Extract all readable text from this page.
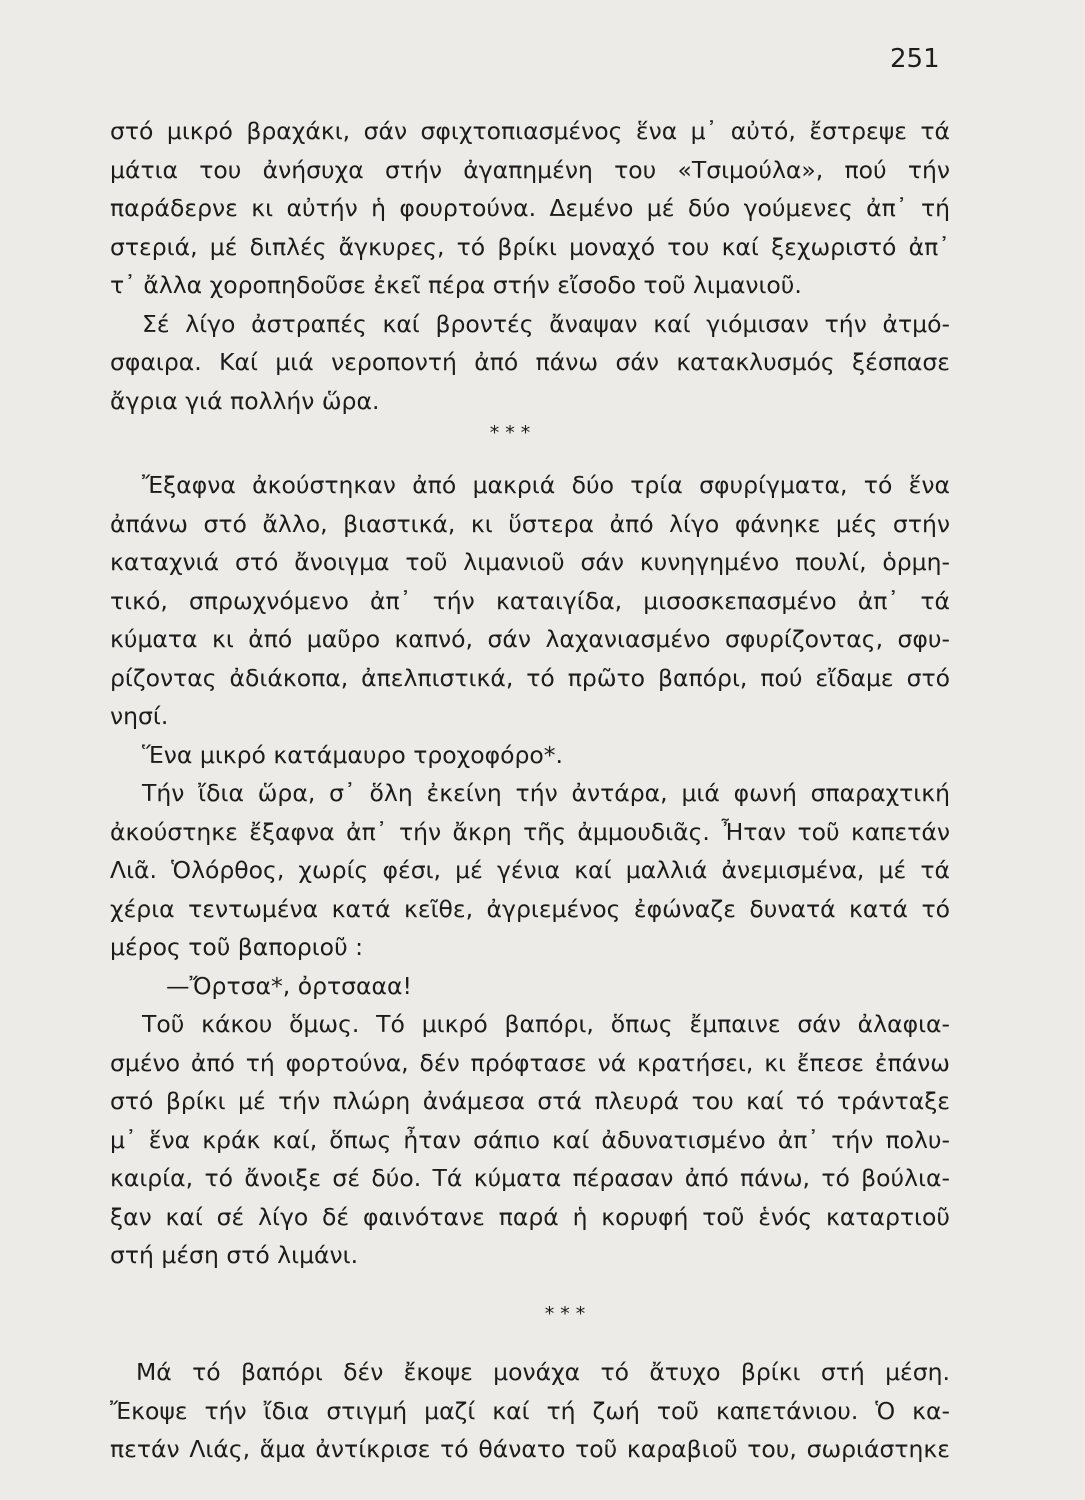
251
στό μικρό βραχάκι, σάν σφιχτοπιασμένος ἕνα μ᾿ αὐτό, ἔστρεψε τά
μάτια του ἀνήσυχα στήν ἀγαπημένη του «Τσιμούλα», πού τήν
παράδερνε κι αὐτήν ἡ φουρτούνα. Δεμένο μέ δύο γούμενες ἀπ᾿ τή
στεριά, μέ διπλές ἄγκυρες, τό βρίκι μοναχό του καί ξεχωριστό ἀπ᾿
τ᾿ ἄλλα χοροπηδοῦσε ἐκεῖ πέρα στήν εἴσοδο τοῦ λιμανιοῦ.
Σέ λίγο ἀστραπές καί βροντές ἄναψαν καί γιόμισαν τήν ἀτμό-
σφαιρα. Καί μιά νεροποντή ἀπό πάνω σάν κατακλυσμός ξέσπασε
ἄγρια γιά πολλήν ὥρα.
* * *
Ἔξαφνα ἀκούστηκαν ἀπό μακριά δύο τρία σφυρίγματα, τό ἕνα
ἀπάνω στό ἄλλο, βιαστικά, κι ὕστερα ἀπό λίγο φάνηκε μές στήν
καταχνιά στό ἄνοιγμα τοῦ λιμανιοῦ σάν κυνηγημένο πουλί, ὁρμη-
τικό, σπρωχνόμενο ἀπ᾿ τήν καταιγίδα, μισοσκεπασμένο ἀπ᾿ τά
κύματα κι ἀπό μαῦρο καπνό, σάν λαχανιασμένο σφυρίζοντας, σφυ-
ρίζοντας ἀδιάκοπα, ἀπελπιστικά, τό πρῶτο βαπόρι, πού εἴδαμε στό
νησί.
Ἕνα μικρό κατάμαυρο τροχοφόρο*.
Τήν ἴδια ὥρα, σ᾿ ὅλη ἐκείνη τήν ἀντάρα, μιά φωνή σπαραχτική
ἀκούστηκε ἔξαφνα ἀπ᾿ τήν ἄκρη τῆς ἀμμουδιᾶς. Ἦταν τοῦ καπετάν
Λιᾶ. Ὁλόρθος, χωρίς φέσι, μέ γένια καί μαλλιά ἀνεμισμένα, μέ τά
χέρια τεντωμένα κατά κεῖθε, ἀγριεμένος ἐφώναζε δυνατά κατά τό
μέρος τοῦ βαποριοῦ :
—Ὄρτσα*, ὀρτσααα!
Τοῦ κάκου ὅμως. Τό μικρό βαπόρι, ὅπως ἔμπαινε σάν ἀλαφια-
σμένο ἀπό τή φορτούνα, δέν πρόφτασε νά κρατήσει, κι ἔπεσε ἐπάνω
στό βρίκι μέ τήν πλώρη ἀνάμεσα στά πλευρά του καί τό τράνταξε
μ᾿ ἕνα κράκ καί, ὅπως ἦταν σάπιο καί ἀδυνατισμένο ἀπ᾿ τήν πολυ-
καιρία, τό ἄνοιξε σέ δύο. Τά κύματα πέρασαν ἀπό πάνω, τό βούλια-
ξαν καί σέ λίγο δέ φαινότανε παρά ἡ κορυφή τοῦ ἑνός καταρτιοῦ
στή μέση στό λιμάνι.
* * *
Μά τό βαπόρι δέν ἔκοψε μονάχα τό ἄτυχο βρίκι στή μέση.
Ἔκοψε τήν ἴδια στιγμή μαζί καί τή ζωή τοῦ καπετάνιου. Ὁ κα-
πετάν Λιάς, ἅμα ἀντίκρισε τό θάνατο τοῦ καραβιοῦ του, σωριάστηκε
